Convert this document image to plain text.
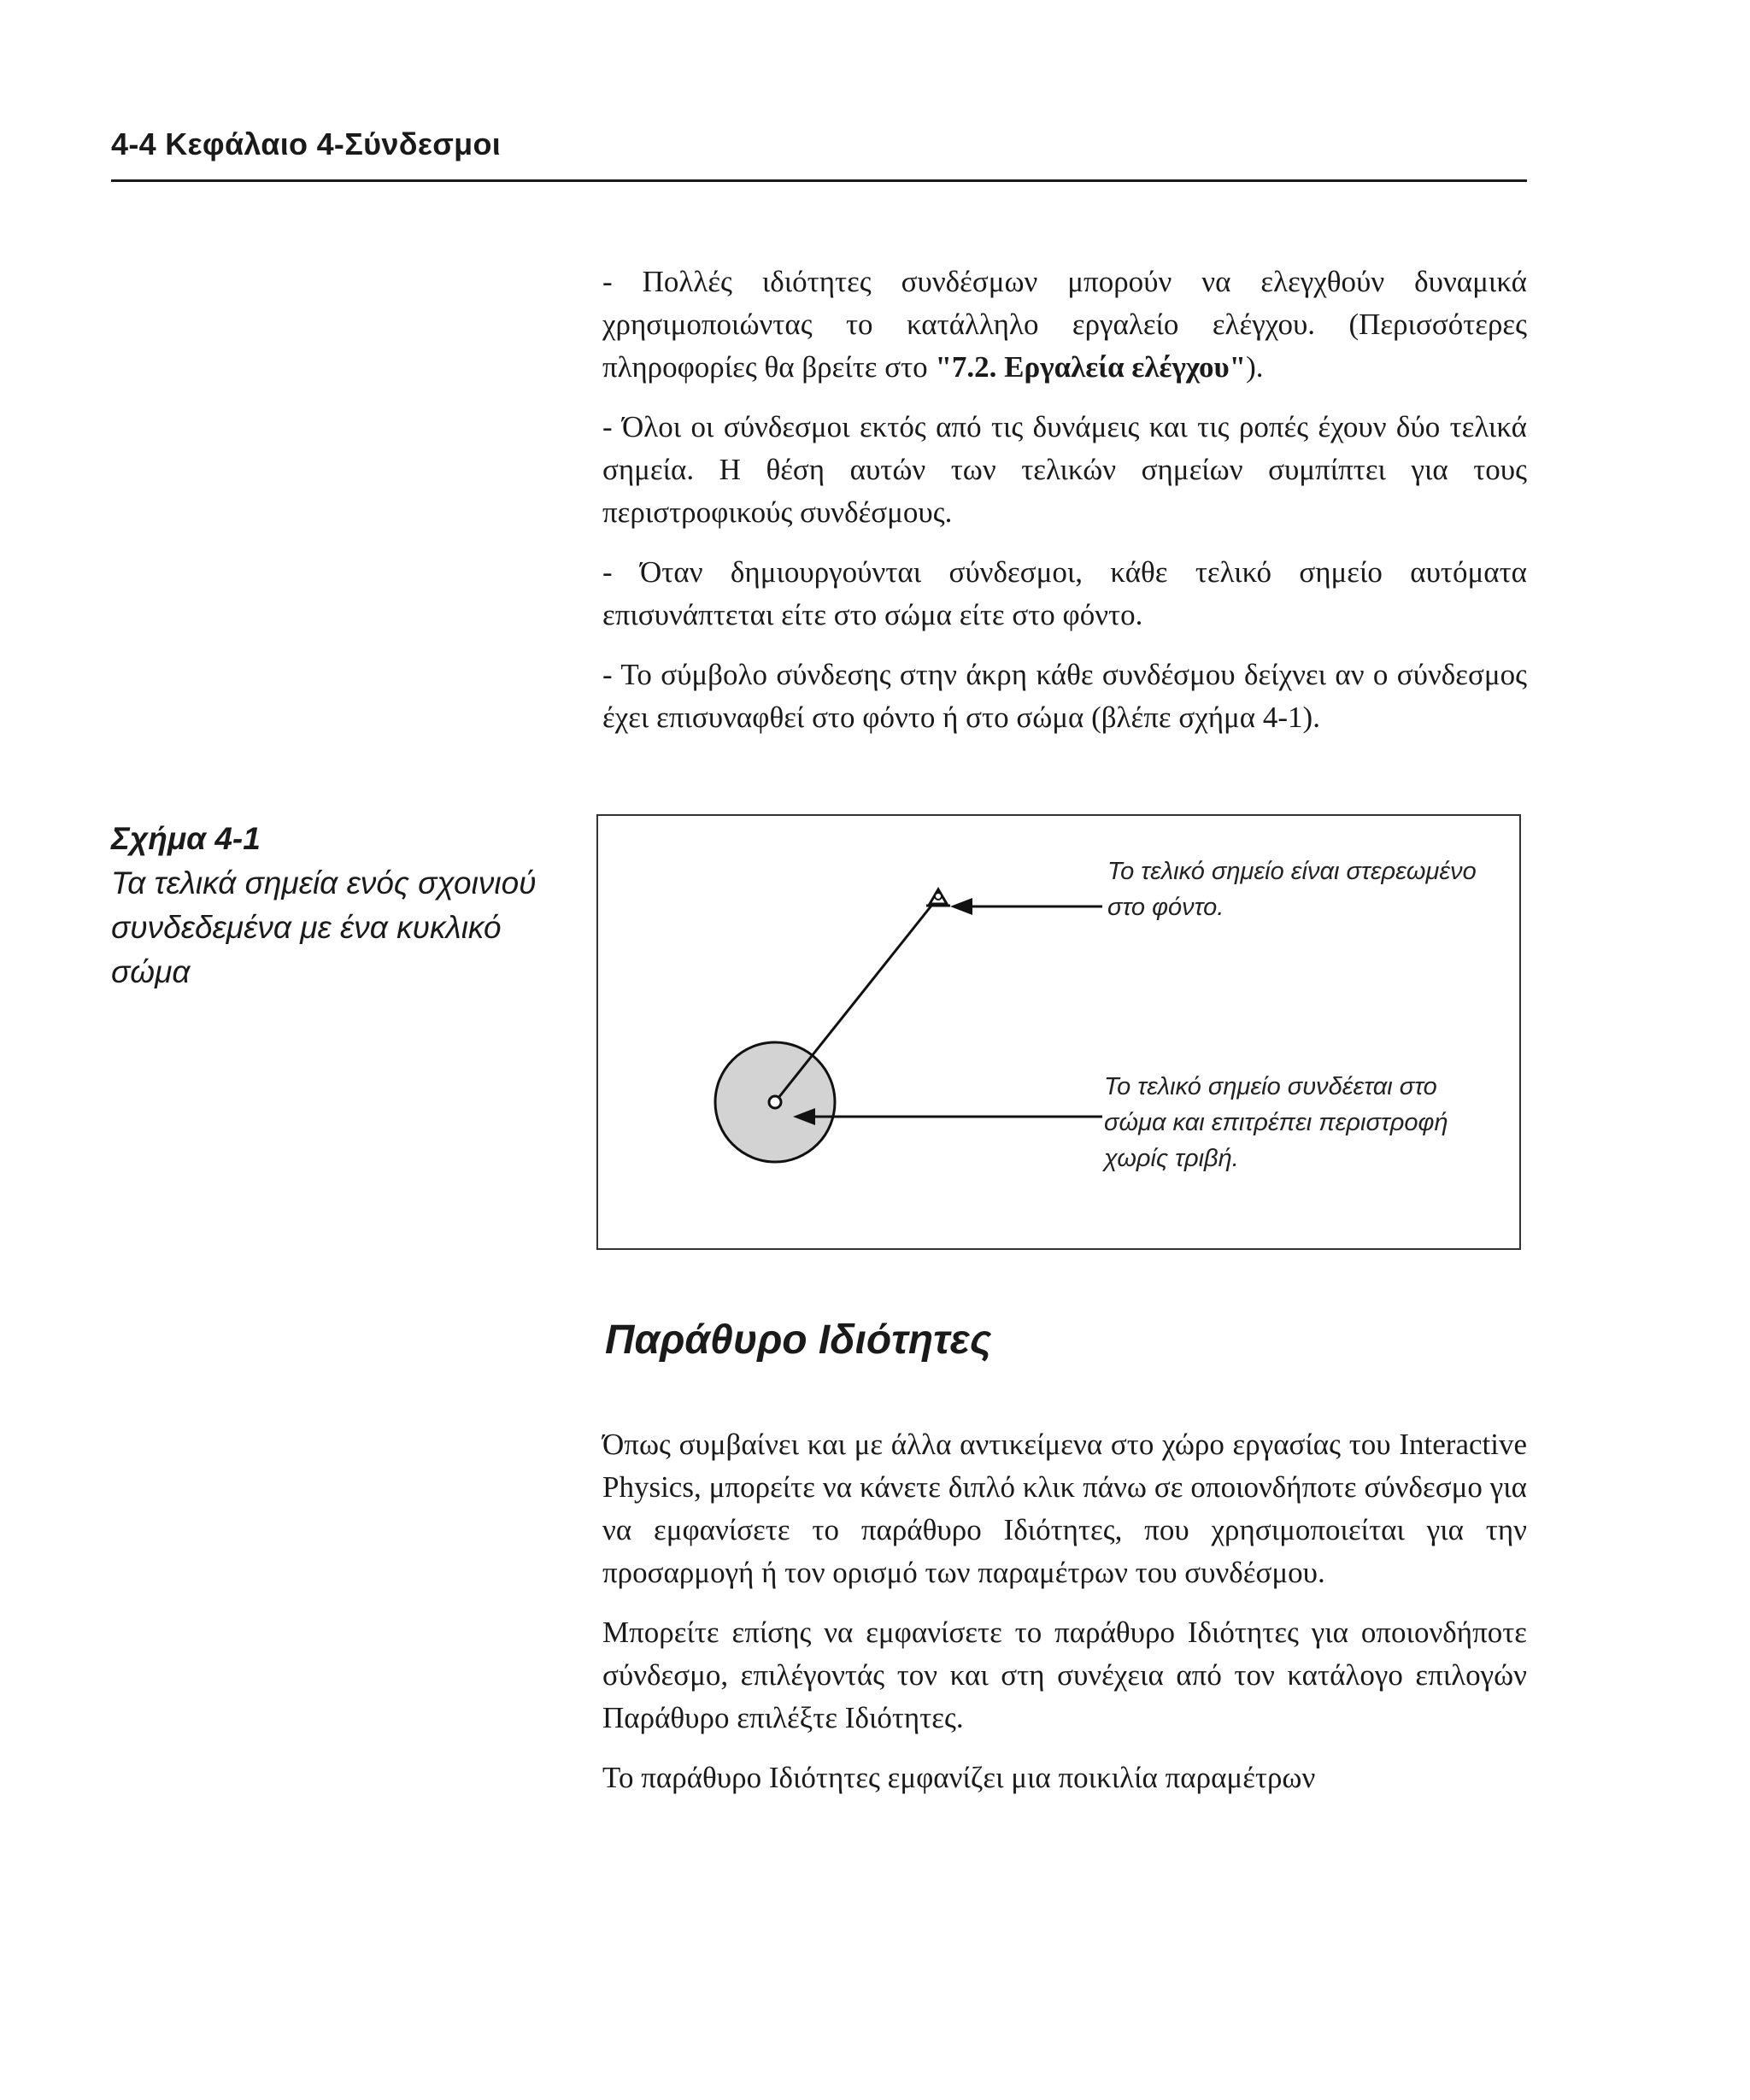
4-4 Κεφάλαιο 4-Σύνδεσμοι

- Πολλές ιδιότητες συνδέσμων μπορούν να ελεγχθούν δυναμικά χρησιμοποιώντας το κατάλληλο εργαλείο ελέγχου. (Περισσότερες πληροφορίες θα βρείτε στο "7.2. Εργαλεία ελέγχου").

- Όλοι οι σύνδεσμοι εκτός από τις δυνάμεις και τις ροπές έχουν δύο τελικά σημεία. Η θέση αυτών των τελικών σημείων συμπίπτει για τους περιστροφικούς συνδέσμους.

- Όταν δημιουργούνται σύνδεσμοι, κάθε τελικό σημείο αυτόματα επισυνάπτεται είτε στο σώμα είτε στο φόντο.

- Το σύμβολο σύνδεσης στην άκρη κάθε συνδέσμου δείχνει αν ο σύνδεσμος έχει επισυναφθεί στο φόντο ή στο σώμα (βλέπε σχήμα 4-1).

Σχήμα 4-1
Τα τελικά σημεία ενός σχοινιού συνδεδεμένα με ένα κυκλικό σώμα
Το τελικό σημείο είναι στερεωμένο στο φόντο.
Το τελικό σημείο συνδέεται στο σώμα και επιτρέπει περιστροφή χωρίς τριβή.
Παράθυρο Ιδιότητες

Όπως συμβαίνει και με άλλα αντικείμενα στο χώρο εργασίας του Interactive Physics, μπορείτε να κάνετε διπλό κλικ πάνω σε οποιονδήποτε σύνδεσμο για να εμφανίσετε το παράθυρο Ιδιότητες, που χρησιμοποιείται για την προσαρμογή ή τον ορισμό των παραμέτρων του συνδέσμου.

Μπορείτε επίσης να εμφανίσετε το παράθυρο Ιδιότητες για οποιονδήποτε σύνδεσμο, επιλέγοντάς τον και στη συνέχεια από τον κατάλογο επιλογών Παράθυρο επιλέξτε Ιδιότητες.

Το παράθυρο Ιδιότητες εμφανίζει μια ποικιλία παραμέτρων
